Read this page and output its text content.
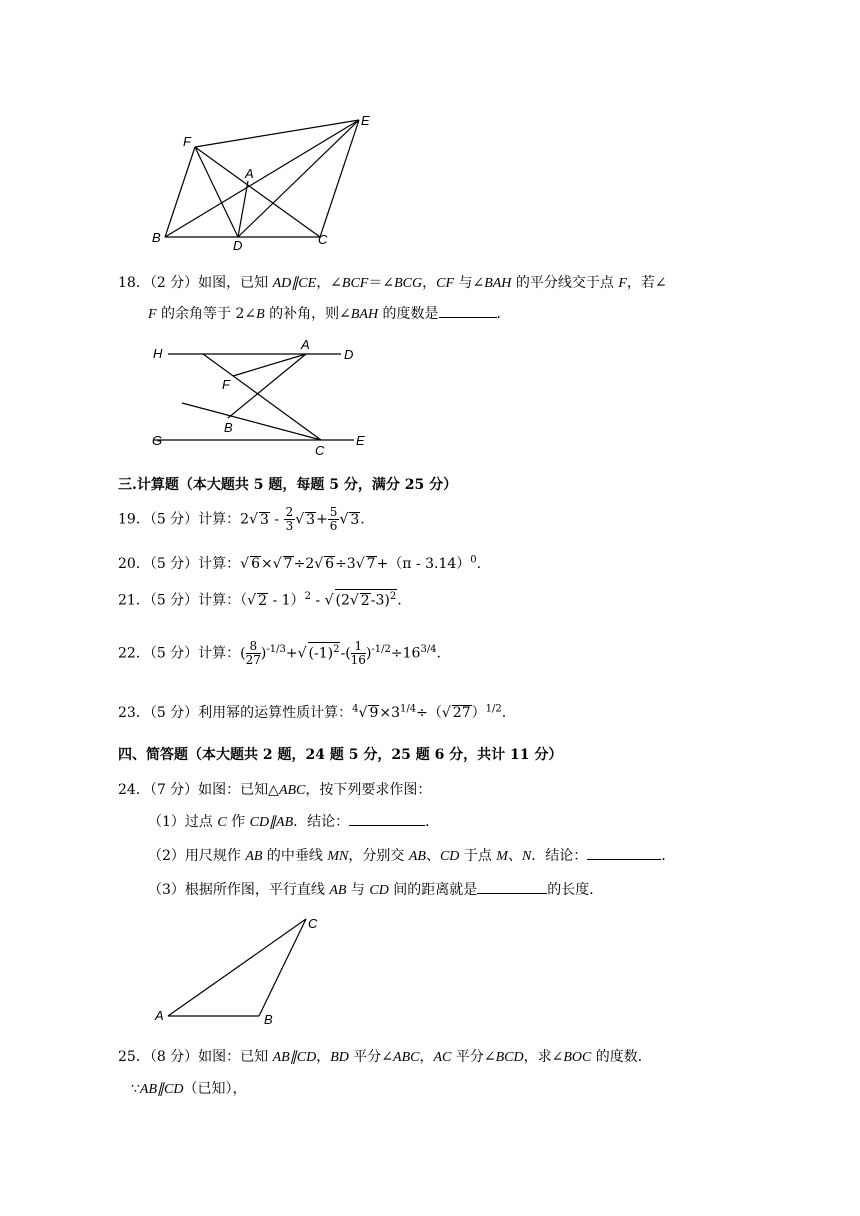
E
F
A
B
D	C
18．（2 分）如图，已知 AD∥CE，∠BCF＝∠BCG，CF 与∠BAH 的平分线交于点 F，若∠
F 的余角等于 2∠B 的补角，则∠BAH 的度数是	．
H
A
D
F
B
G
C
E
三.计算题（本大题共 5 题，每题 5 分，满分 25 分）
19．（5 分）计算：2√ $3 - \frac{2}{3}$ √ $3+ \frac{5}{6}$ √ 3.
20．（5 分）计算：√ 6×√ 7÷2√ 6÷3√ 7+（π - 3.14）$^0$.
21．（5 分）计算：（√ 2 - 1）$^2$ - √ (2√ 2-3)$^2$.
22．（5 分）计算：( $\frac{8}{27} )^{-1/3}+√$ $(-1)^2-( \frac{1}{16} )^{-1/2}\div 16^{3/4}$.
23．（5 分）利用幂的运算性质计算：$^4$√ $9\times 3^{1/4}\div(√$ 27）$^{1/2}$.
四、简答题（本大题共 2 题，24 题 5 分，25 题 6 分，共计 11 分）
24．（7 分）如图：已知△ABC，按下列要求作图：
（1）过点 C 作 CD∥AB．结论：	．
（2）用尺规作 AB 的中垂线 MN，分别交 AB、CD 于点 M、N．结论：	．
（3）根据所作图，平行直线 AB 与 CD 间的距离就是	的长度．
C
A	B
25．（8 分）如图：已知 AB∥CD，BD 平分∠ABC，AC 平分∠BCD，求∠BOC 的度数．
∵AB∥CD（已知），
